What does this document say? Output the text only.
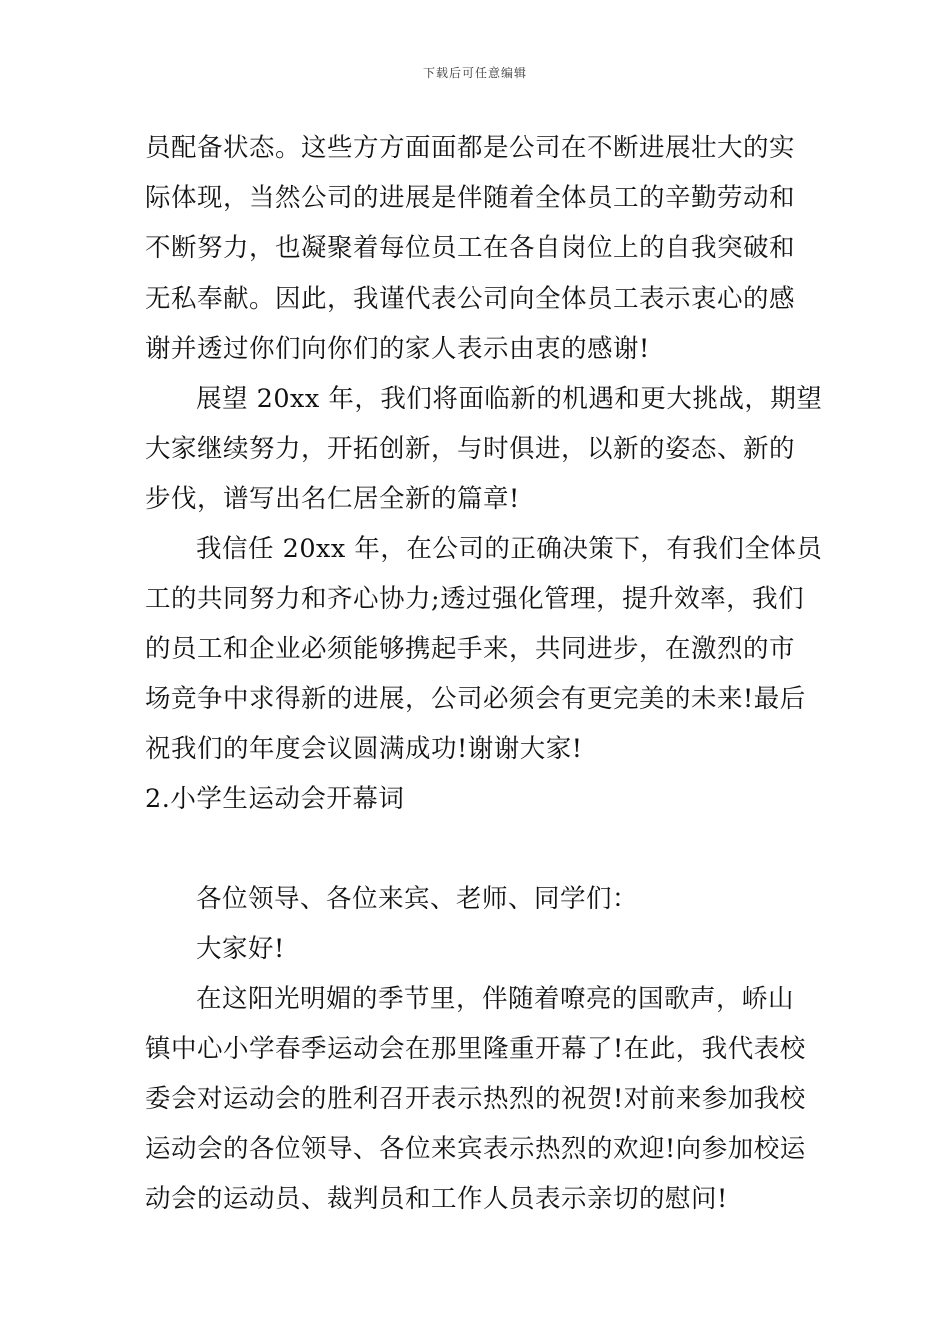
下载后可任意编辑
员配备状态。这些方方面面都是公司在不断进展壮大的实
际体现，当然公司的进展是伴随着全体员工的辛勤劳动和
不断努力，也凝聚着每位员工在各自岗位上的自我突破和
无私奉献。因此，我谨代表公司向全体员工表示衷心的感
谢并透过你们向你们的家人表示由衷的感谢!
展望 20xx 年，我们将面临新的机遇和更大挑战，期望
大家继续努力，开拓创新，与时俱进，以新的姿态、新的
步伐，谱写出名仁居全新的篇章!
我信任 20xx 年，在公司的正确决策下，有我们全体员
工的共同努力和齐心协力;透过强化管理，提升效率，我们
的员工和企业必须能够携起手来，共同进步，在激烈的市
场竞争中求得新的进展，公司必须会有更完美的未来!最后
祝我们的年度会议圆满成功!谢谢大家!
2.小学生运动会开幕词
各位领导、各位来宾、老师、同学们：
大家好!
在这阳光明媚的季节里，伴随着嘹亮的国歌声，峤山
镇中心小学春季运动会在那里隆重开幕了!在此，我代表校
委会对运动会的胜利召开表示热烈的祝贺!对前来参加我校
运动会的各位领导、各位来宾表示热烈的欢迎!向参加校运
动会的运动员、裁判员和工作人员表示亲切的慰问!
